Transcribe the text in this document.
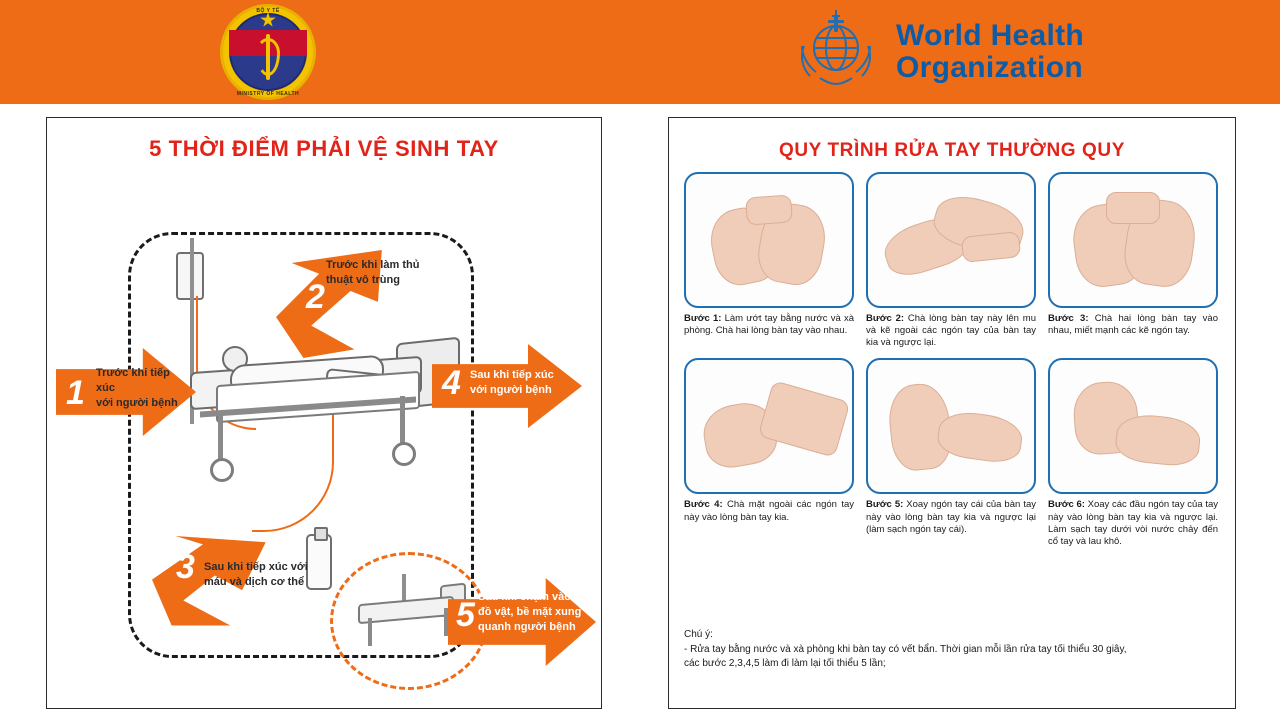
BỘ Y TẾ
MINISTRY OF HEALTH
World Health
Organization
5 THỜI ĐIỂM PHẢI VỆ SINH TAY
1
Trước khi tiếp xúc
với người bệnh
2
Trước khi làm thủ
thuật vô trùng
3 Sau khi tiếp xúc với
máu và dịch cơ thể
4 Sau khi tiếp xúc
với người bệnh
5 Sau khi chạm vào
đồ vật, bề mặt xung
quanh người bệnh
QUY TRÌNH RỬA TAY THƯỜNG QUY
Bước 1: Làm ướt tay bằng nước và xà phòng. Chà hai lòng bàn tay vào nhau.
Bước 2: Chà lòng bàn tay này lên mu và kẽ ngoài các ngón tay của bàn tay kia và ngược lại.
Bước 3: Chà hai lòng bàn tay vào nhau, miết mạnh các kẽ ngón tay.
Bước 4: Chà mặt ngoài các ngón tay này vào lòng bàn tay kia.
Bước 5: Xoay ngón tay cái của bàn tay này vào lòng bàn tay kia và ngược lại (làm sạch ngón tay cái).
Bước 6: Xoay các đầu ngón tay của tay này vào lòng bàn tay kia và ngược lại. Làm sạch tay dưới vòi nước chảy đến cổ tay và lau khô.
Chú ý:
- Rửa tay bằng nước và xà phòng khi bàn tay có vết bẩn. Thời gian mỗi lần rửa tay tối thiểu 30 giây,
các bước 2,3,4,5 làm đi làm lại tối thiểu 5 lần;
